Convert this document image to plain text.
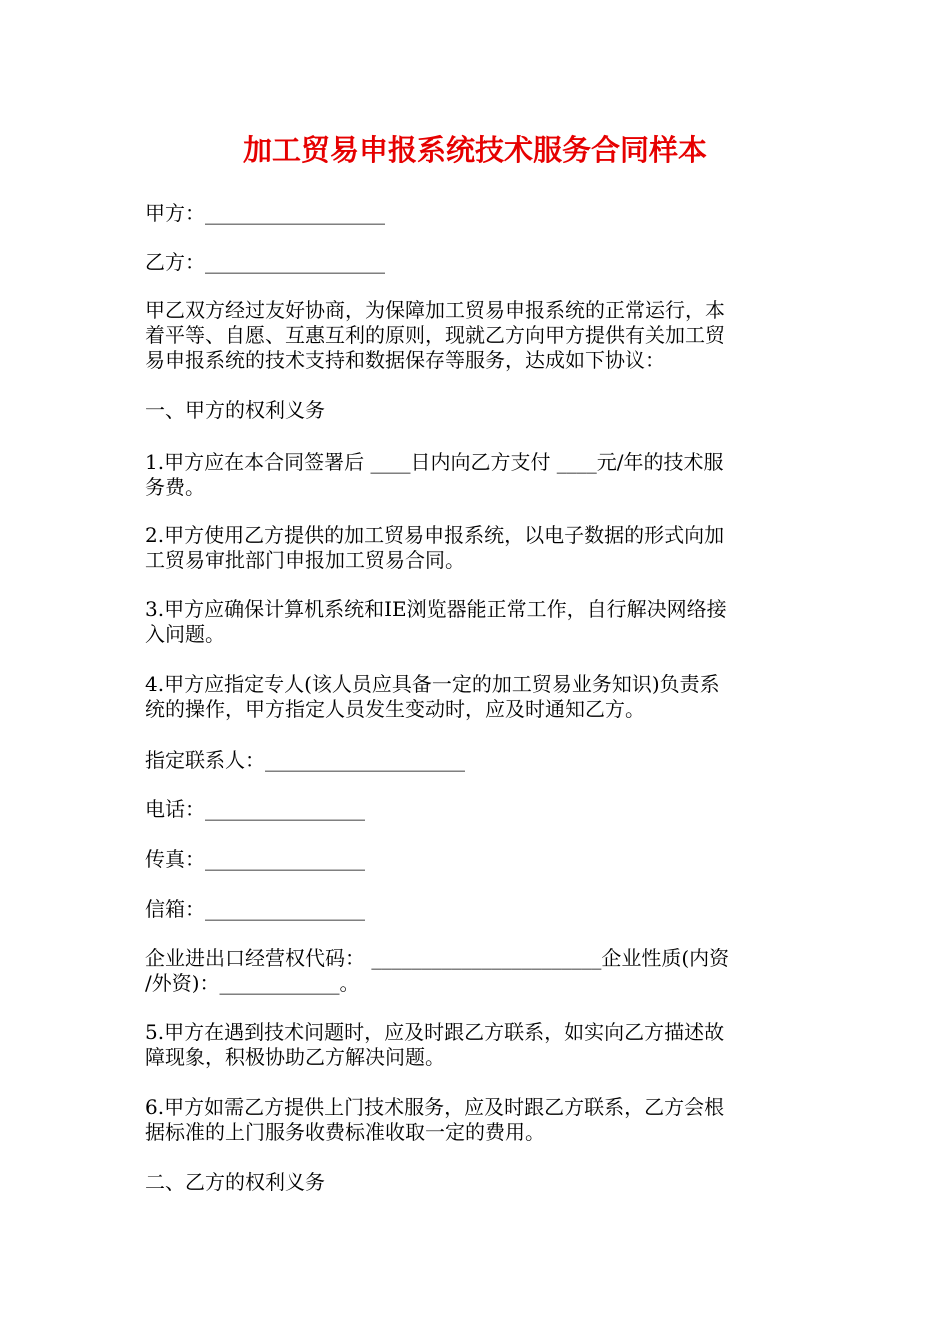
加工贸易申报系统技术服务合同样本

甲方：__________________

乙方：__________________

甲乙双方经过友好协商，为保障加工贸易申报系统的正常运行，本
着平等、自愿、互惠互利的原则，现就乙方向甲方提供有关加工贸
易申报系统的技术支持和数据保存等服务，达成如下协议：

一、甲方的权利义务

1.甲方应在本合同签署后 ____日内向乙方支付 ____元/年的技术服
务费。
2.甲方使用乙方提供的加工贸易申报系统，以电子数据的形式向加
工贸易审批部门申报加工贸易合同。
3.甲方应确保计算机系统和IE浏览器能正常工作，自行解决网络接
入问题。
4.甲方应指定专人(该人员应具备一定的加工贸易业务知识)负责系
统的操作，甲方指定人员发生变动时，应及时通知乙方。

指定联系人：____________________

电话：________________

传真：________________

信箱：________________

企业进出口经营权代码： _______________________企业性质(内资
/外资)：____________。
5.甲方在遇到技术问题时，应及时跟乙方联系，如实向乙方描述故
障现象，积极协助乙方解决问题。
6.甲方如需乙方提供上门技术服务，应及时跟乙方联系，乙方会根
据标准的上门服务收费标准收取一定的费用。

二、乙方的权利义务
